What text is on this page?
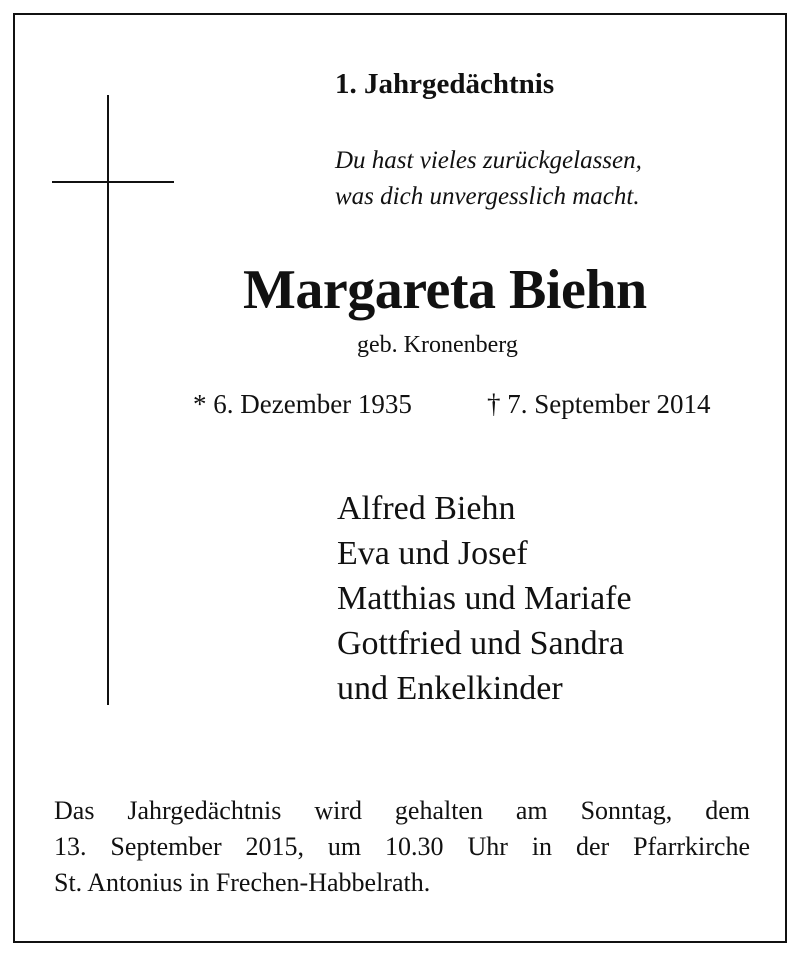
1. Jahrgedächtnis
Du hast vieles zurückgelassen,
was dich unvergesslich macht.
Margareta Biehn
geb. Kronenberg
* 6. Dezember 1935	† 7. September 2014
Alfred Biehn
Eva und Josef
Matthias und Mariafe
Gottfried und Sandra
und Enkelkinder
Das Jahrgedächtnis wird gehalten am Sonntag, dem
13. September 2015, um 10.30 Uhr in der Pfarrkirche
St. Antonius in Frechen-Habbelrath.
